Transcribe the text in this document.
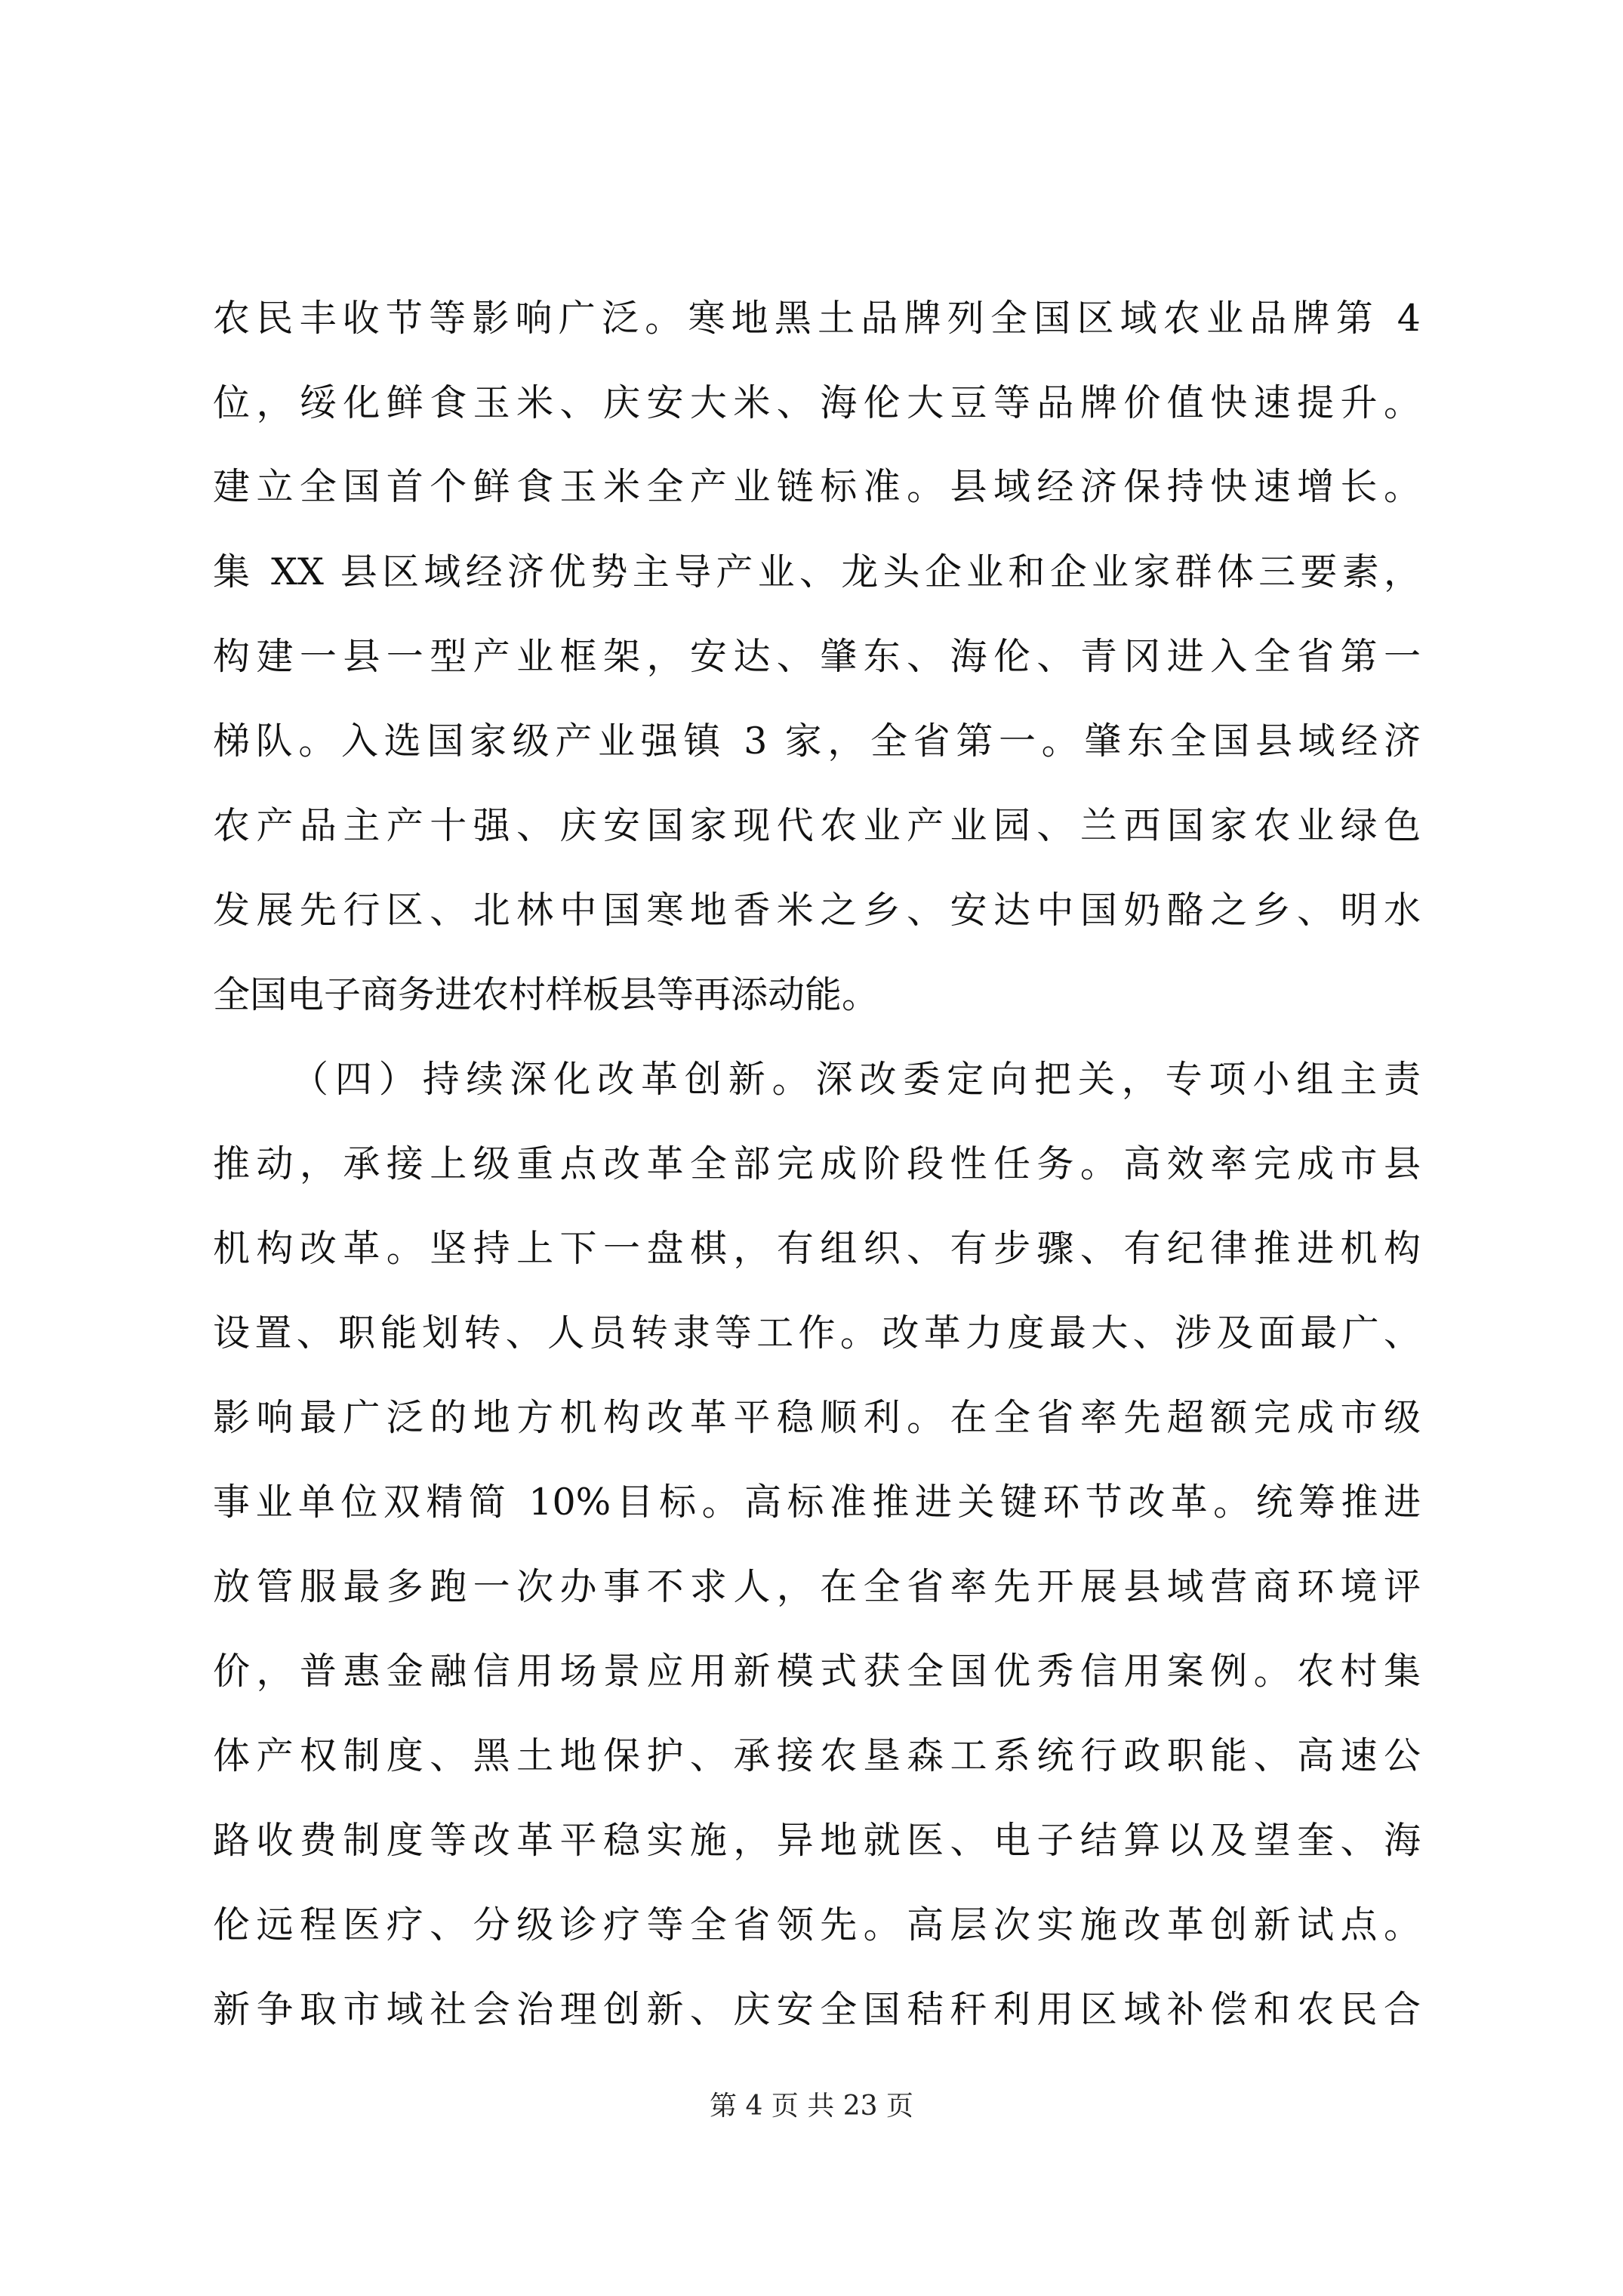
农民丰收节等影响广泛。寒地黑土品牌列全国区域农业品牌第 4
位，绥化鲜食玉米、庆安大米、海伦大豆等品牌价值快速提升。
建立全国首个鲜食玉米全产业链标准。县域经济保持快速增长。
集 XX 县区域经济优势主导产业、龙头企业和企业家群体三要素，
构建一县一型产业框架，安达、肇东、海伦、青冈进入全省第一
梯队。入选国家级产业强镇 3 家，全省第一。肇东全国县域经济
农产品主产十强、庆安国家现代农业产业园、兰西国家农业绿色
发展先行区、北林中国寒地香米之乡、安达中国奶酪之乡、明水
全国电子商务进农村样板县等再添动能。
（四）持续深化改革创新。深改委定向把关，专项小组主责
推动，承接上级重点改革全部完成阶段性任务。高效率完成市县
机构改革。坚持上下一盘棋，有组织、有步骤、有纪律推进机构
设置、职能划转、人员转隶等工作。改革力度最大、涉及面最广、
影响最广泛的地方机构改革平稳顺利。在全省率先超额完成市级
事业单位双精简 10%目标。高标准推进关键环节改革。统筹推进
放管服最多跑一次办事不求人，在全省率先开展县域营商环境评
价，普惠金融信用场景应用新模式获全国优秀信用案例。农村集
体产权制度、黑土地保护、承接农垦森工系统行政职能、高速公
路收费制度等改革平稳实施，异地就医、电子结算以及望奎、海
伦远程医疗、分级诊疗等全省领先。高层次实施改革创新试点。
新争取市域社会治理创新、庆安全国秸秆利用区域补偿和农民合
第 4 页 共 23 页
